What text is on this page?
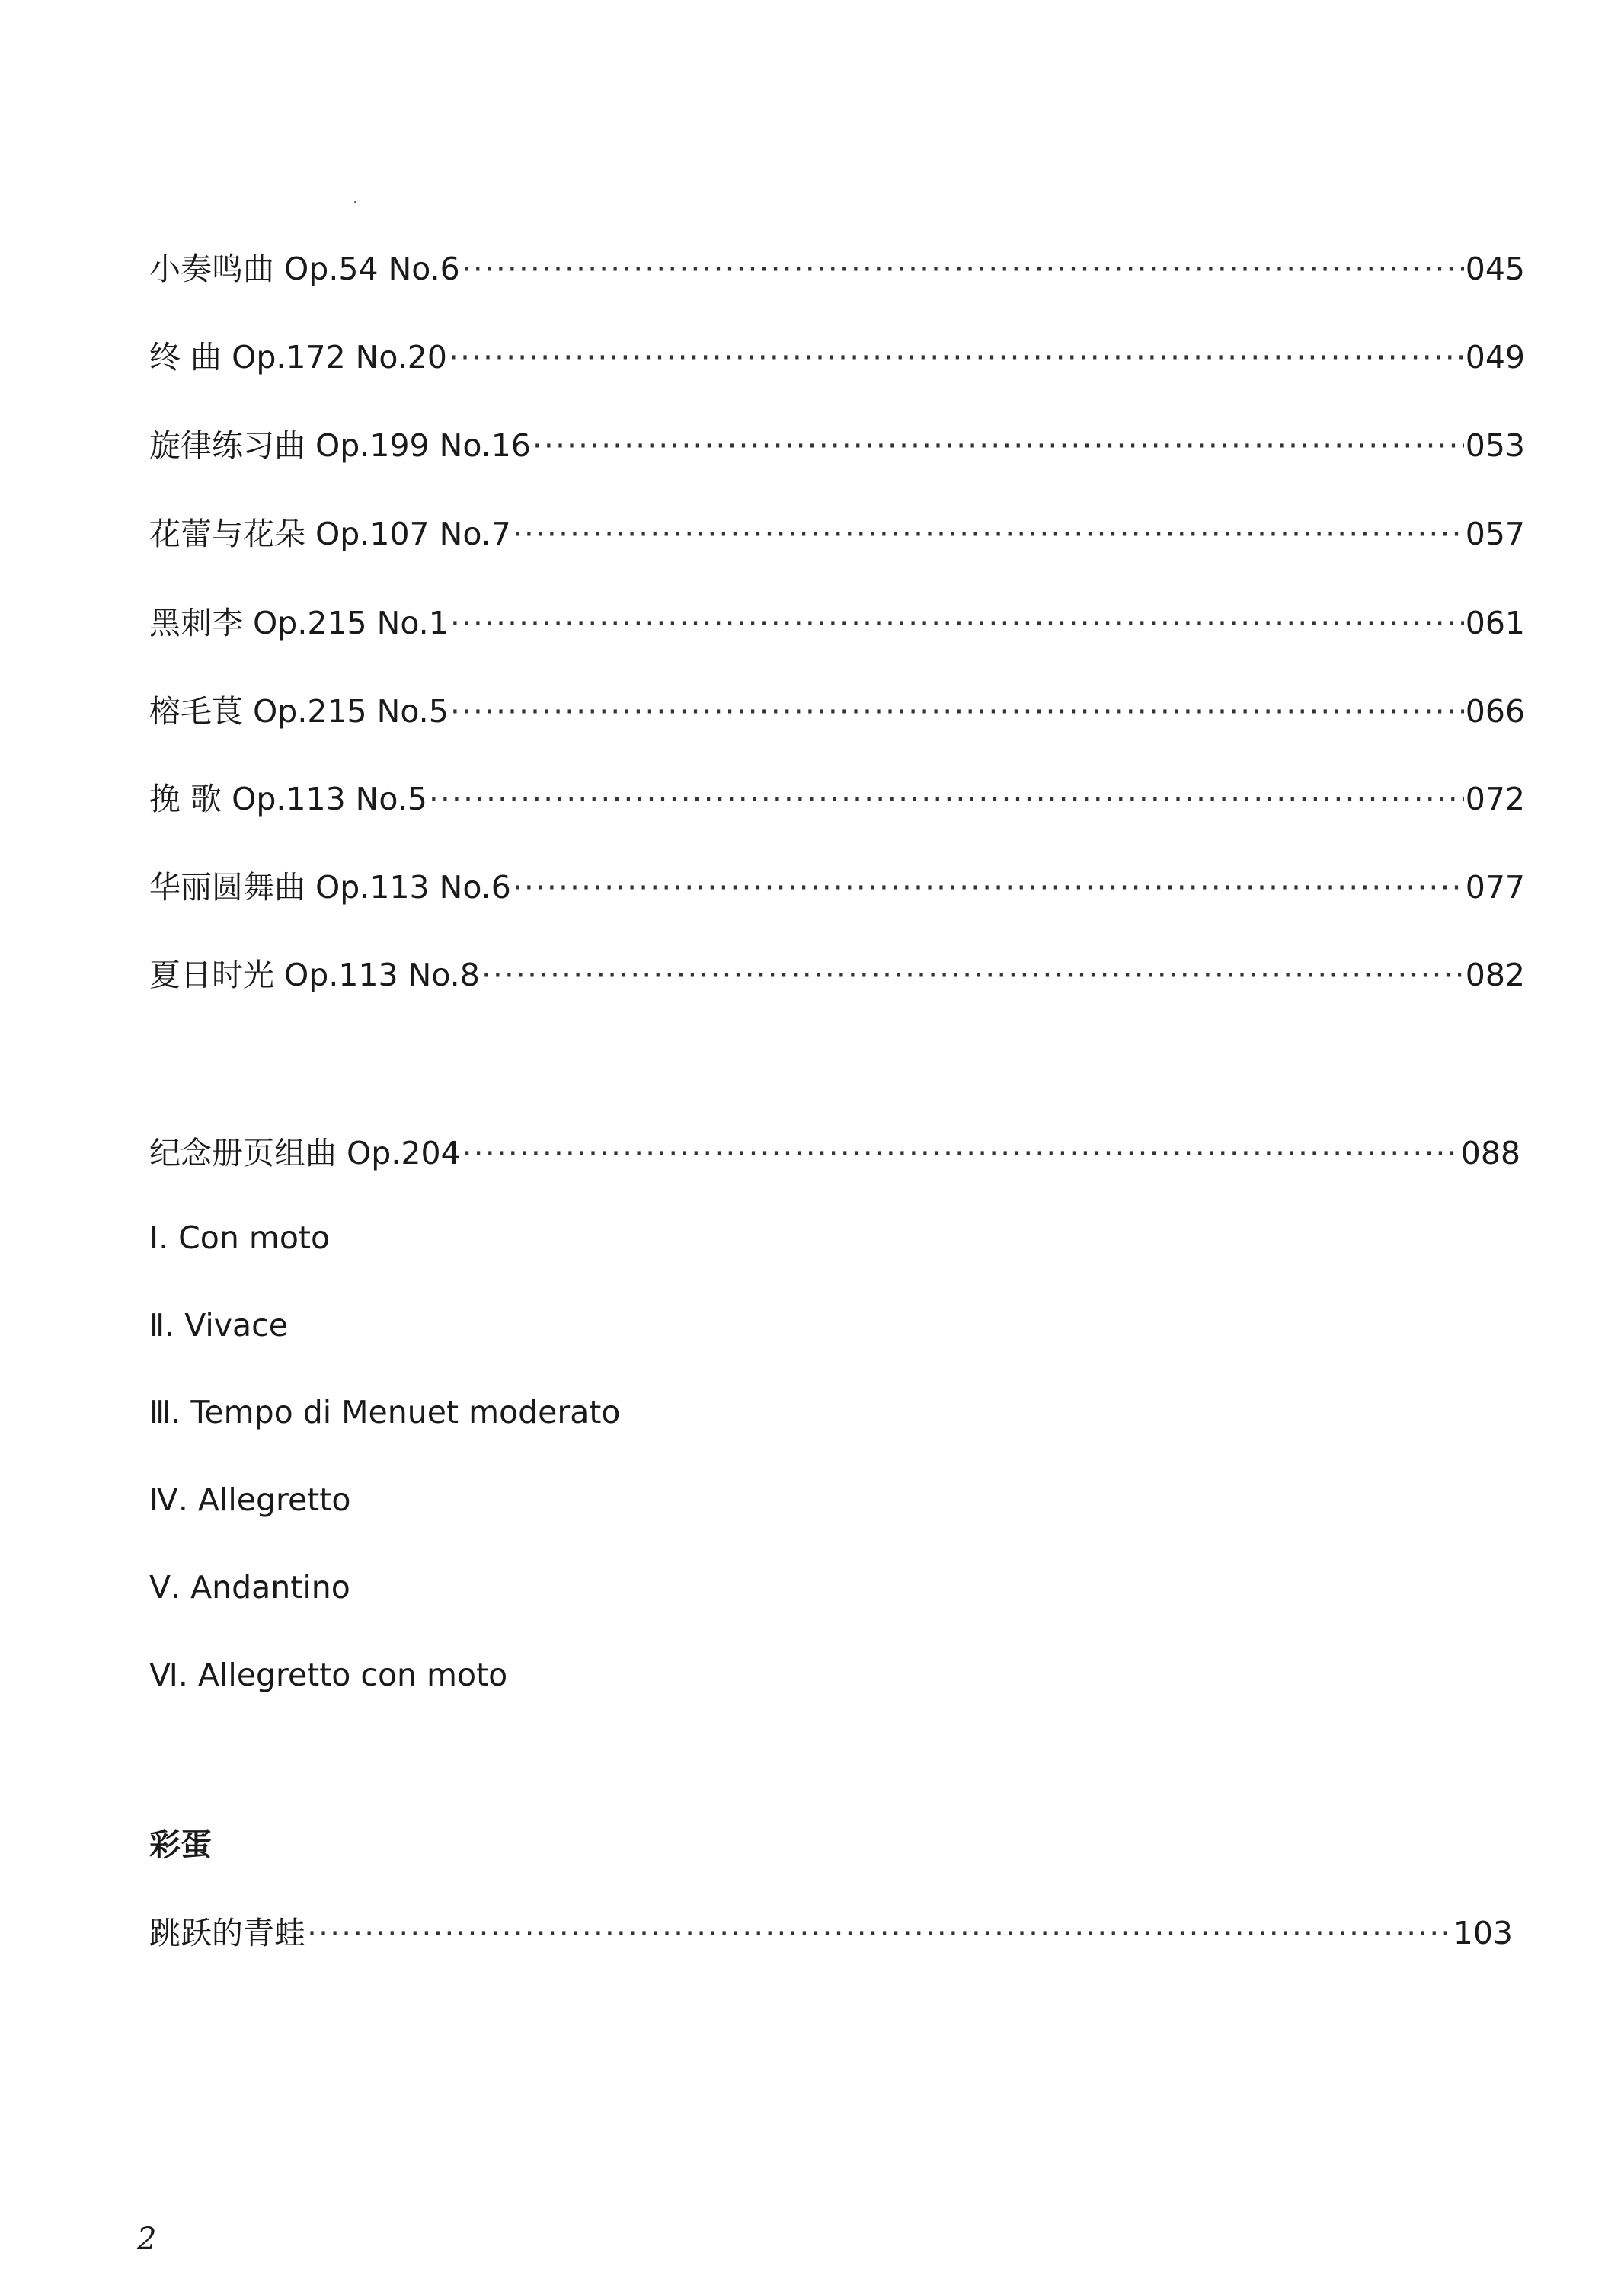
小奏鸣曲 Op.54 No.6 ·····	045
终 曲 Op.172 No.20 ·····	049
旋律练习曲 Op.199 No.16 ·····	053
花蕾与花朵 Op.107 No.7 ·····	057
黑刺李 Op.215 No.1 ·····	061
榕毛茛 Op.215 No.5 ·····	066
挽 歌 Op.113 No.5 ·····	072
华丽圆舞曲 Op.113 No.6 ·····	077
夏日时光 Op.113 No.8 ·····	082
纪念册页组曲 Op.204 ·····	088
Ⅰ. Con moto
Ⅱ. Vivace
Ⅲ. Tempo di Menuet moderato
Ⅳ. Allegretto
Ⅴ. Andantino
Ⅵ. Allegretto con moto
彩蛋
跳跃的青蛙 ·····	103
2
